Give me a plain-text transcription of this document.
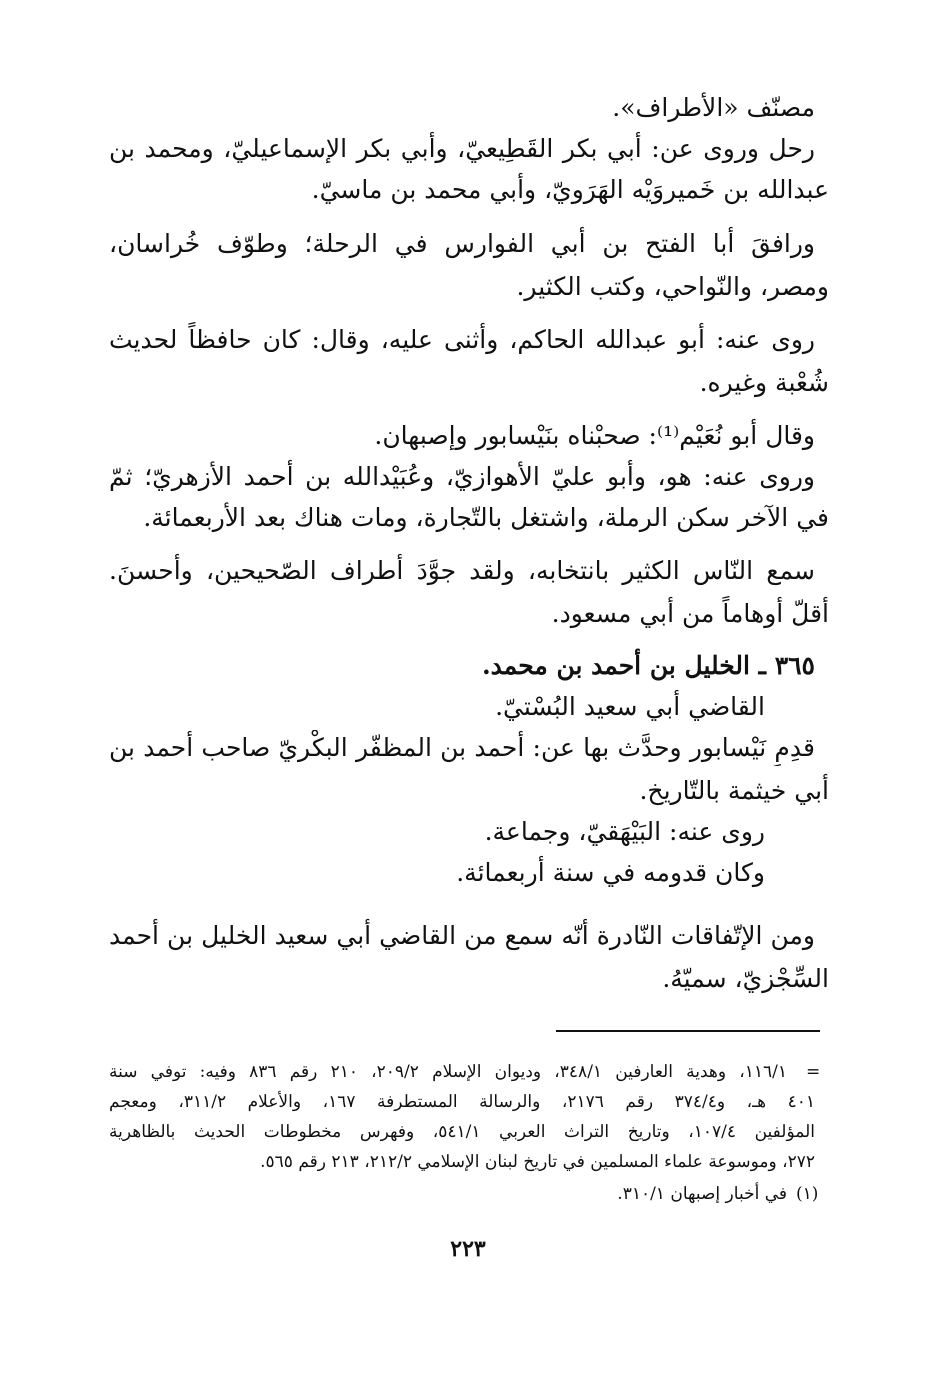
مصنّف «الأطراف».
رحل وروى عن: أبي بكر القَطِيعيّ، وأبي بكر الإسماعيليّ، ومحمد بن
عبدالله بن خَميروَيْه الهَرَويّ، وأبي محمد بن ماسيّ.
ورافقَ أبا الفتح بن أبي الفوارس في الرحلة؛ وطوّف خُراسان،
ومصر، والنّواحي، وكتب الكثير.
روى عنه: أبو عبدالله الحاكم، وأثنى عليه، وقال: كان حافظاً لحديث
شُعْبة وغيره.
وقال أبو نُعَيْم⁽¹⁾: صحبْناه بنَيْسابور وإصبهان.
وروى عنه: هو، وأبو عليّ الأهوازيّ، وعُبَيْدالله بن أحمد الأزهريّ؛ ثمّ
في الآخر سكن الرملة، واشتغل بالتّجارة، ومات هناك بعد الأربعمائة.
سمع النّاس الكثير بانتخابه، ولقد جوَّدَ أطراف الصّحيحين، وأحسنَ.
أقلّ أوهاماً من أبي مسعود.
٣٦٥ ـ الخليل بن أحمد بن محمد.
القاضي أبي سعيد البُسْتيّ.
قدِمِ نَيْسابور وحدَّث بها عن: أحمد بن المظفّر البكْريّ صاحب أحمد بن
أبي خيثمة بالتّاريخ.
روى عنه: البَيْهَقيّ، وجماعة.
وكان قدومه في سنة أربعمائة.
ومن الإتّفاقات النّادرة أنّه سمع من القاضي أبي سعيد الخليل بن أحمد
السِّجْزيّ، سميّهُ.
=
١١٦/١، وهدية العارفين ٣٤٨/١، وديوان الإسلام ٢٠٩/٢، ٢١٠ رقم ٨٣٦ وفيه: توفي سنة
٤٠١ هـ، و٣٧٤/٤ رقم ٢١٧٦، والرسالة المستطرفة ١٦٧، والأعلام ٣١١/٢، ومعجم
المؤلفين ١٠٧/٤، وتاريخ التراث العربي ٥٤١/١، وفهرس مخطوطات الحديث بالظاهرية
٢٧٢، وموسوعة علماء المسلمين في تاريخ لبنان الإسلامي ٢١٢/٢، ٢١٣ رقم ٥٦٥.
(١)
في أخبار إصبهان ٣١٠/١.
٢٢٣
